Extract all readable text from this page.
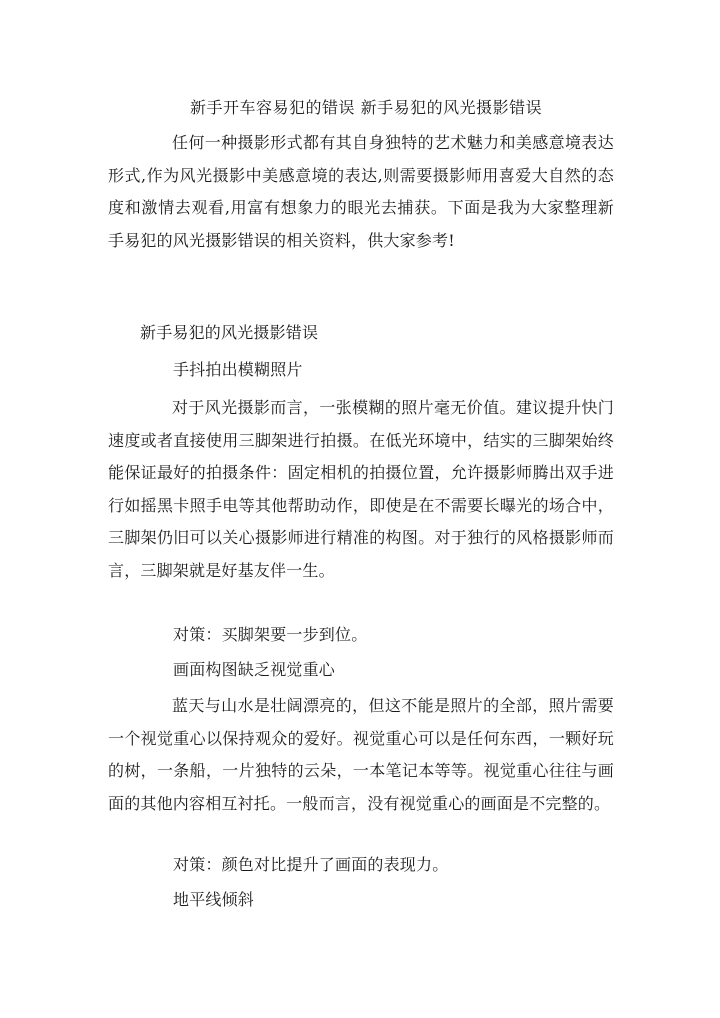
新手开车容易犯的错误 新手易犯的风光摄影错误
任何一种摄影形式都有其自身独特的艺术魅力和美感意境表达形式,作为风光摄影中美感意境的表达,则需要摄影师用喜爱大自然的态度和激情去观看,用富有想象力的眼光去捕获。下面是我为大家整理新手易犯的风光摄影错误的相关资料，供大家参考!
新手易犯的风光摄影错误
手抖拍出模糊照片
对于风光摄影而言，一张模糊的照片毫无价值。建议提升快门速度或者直接使用三脚架进行拍摄。在低光环境中，结实的三脚架始终能保证最好的拍摄条件：固定相机的拍摄位置，允许摄影师腾出双手进行如摇黑卡照手电等其他帮助动作，即使是在不需要长曝光的场合中，三脚架仍旧可以关心摄影师进行精准的构图。对于独行的风格摄影师而言，三脚架就是好基友伴一生。
对策：买脚架要一步到位。
画面构图缺乏视觉重心
蓝天与山水是壮阔漂亮的，但这不能是照片的全部，照片需要一个视觉重心以保持观众的爱好。视觉重心可以是任何东西，一颗好玩的树，一条船，一片独特的云朵，一本笔记本等等。视觉重心往往与画面的其他内容相互衬托。一般而言，没有视觉重心的画面是不完整的。
对策：颜色对比提升了画面的表现力。
地平线倾斜
